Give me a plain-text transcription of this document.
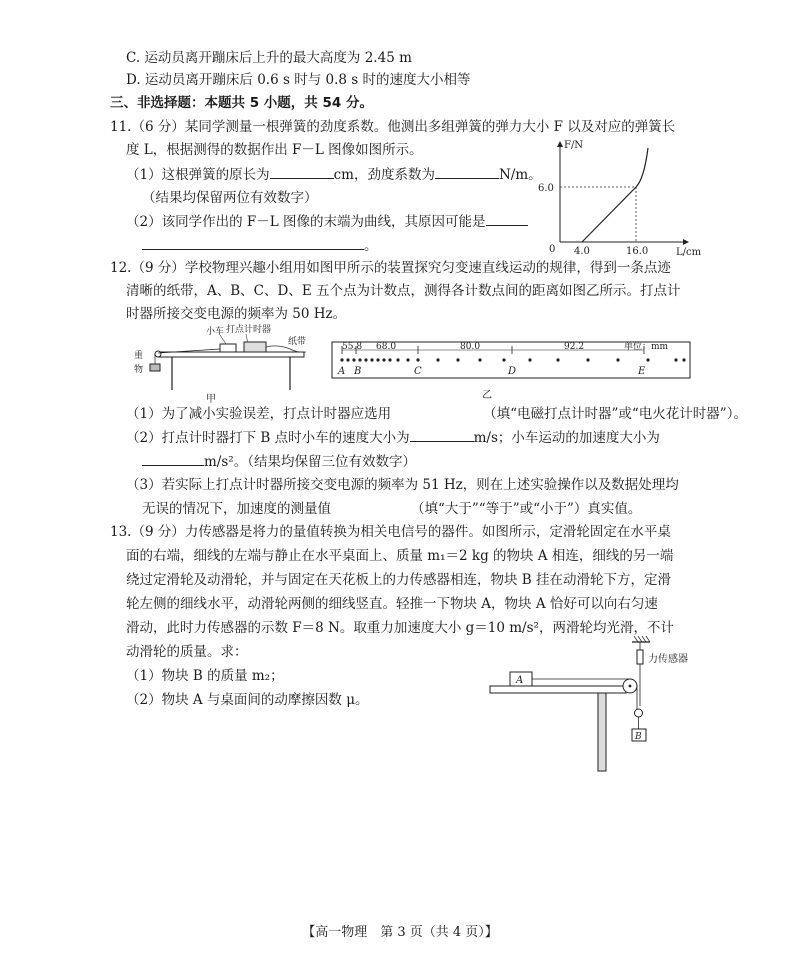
C. 运动员离开蹦床后上升的最大高度为 2.45 m
D. 运动员离开蹦床后 0.6 s 时与 0.8 s 时的速度大小相等
三、非选择题：本题共 5 小题，共 54 分。
11.（6 分）某同学测量一根弹簧的劲度系数。他测出多组弹簧的弹力大小 F 以及对应的弹簧长
度 L，根据测得的数据作出 F－L 图像如图所示。
（1）这根弹簧的原长为	cm，劲度系数为	N/m。
（结果均保留两位有效数字）
（2）该同学作出的 F－L 图像的末端为曲线，其原因可能是
。
F/N
L/cm
0
6.0
4.0	16.0
12.（9 分）学校物理兴趣小组用如图甲所示的装置探究匀变速直线运动的规律，得到一条点迹
清晰的纸带，A、B、C、D、E 五个点为计数点，测得各计数点间的距离如图乙所示。打点计
时器所接交变电源的频率为 50 Hz。
小车 打点计时器
纸带
重
物
甲
55.8 68.0	80.0	92.2	单位：mm
A B	C	D	E
乙
（1）为了减小实验误差，打点计时器应选用	（填“电磁打点计时器”或“电火花计时器”）。
（2）打点计时器打下 B 点时小车的速度大小为	m/s；小车运动的加速度大小为
m/s²。（结果均保留三位有效数字）
（3）若实际上打点计时器所接交变电源的频率为 51 Hz，则在上述实验操作以及数据处理均
无误的情况下，加速度的测量值	（填“大于”“等于”或“小于”）真实值。
13.（9 分）力传感器是将力的量值转换为相关电信号的器件。如图所示，定滑轮固定在水平桌
面的右端，细线的左端与静止在水平桌面上、质量 m₁＝2 kg 的物块 A 相连，细线的另一端
绕过定滑轮及动滑轮，并与固定在天花板上的力传感器相连，物块 B 挂在动滑轮下方，定滑
轮左侧的细线水平，动滑轮两侧的细线竖直。轻推一下物块 A，物块 A 恰好可以向右匀速
滑动，此时力传感器的示数 F＝8 N。取重力加速度大小 g＝10 m/s²，两滑轮均光滑，不计
动滑轮的质量。求：
（1）物块 B 的质量 m₂；
（2）物块 A 与桌面间的动摩擦因数 μ。
力传感器
A
B
【高一物理　第 3 页（共 4 页）】
